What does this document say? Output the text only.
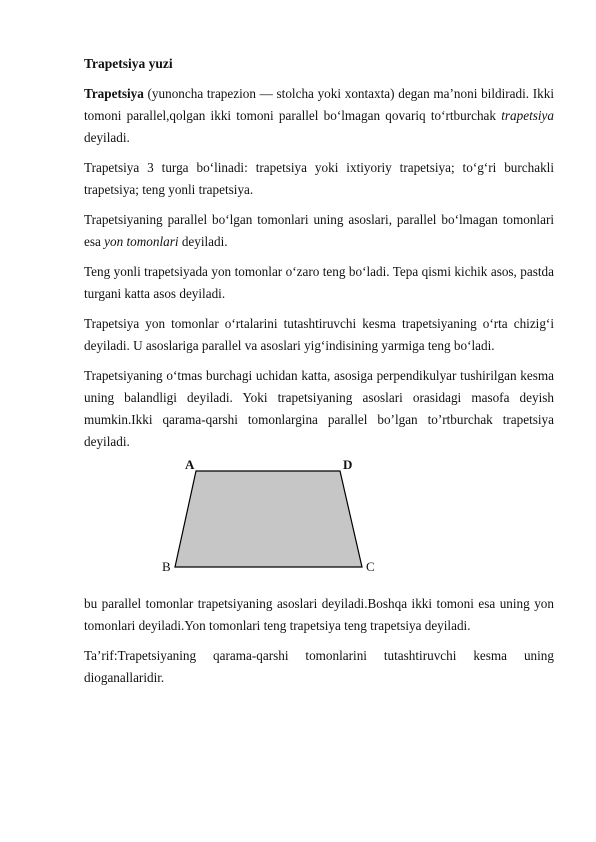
Trapetsiya yuzi

Trapetsiya (yunoncha trapezion — stolcha yoki xontaxta) degan ma’noni bildiradi. Ikki tomoni parallel,qolgan ikki tomoni parallel bo‘lmagan qovariq to‘rtburchak trapetsiya deyiladi.

Trapetsiya 3 turga bo‘linadi: trapetsiya yoki ixtiyoriy trapetsiya; to‘g‘ri burchakli trapetsiya; teng yonli trapetsiya.

Trapetsiyaning parallel bo‘lgan tomonlari uning asoslari, parallel bo‘lmagan tomonlari esa yon tomonlari deyiladi.

Teng yonli trapetsiyada yon tomonlar o‘zaro teng bo‘ladi. Tepa qismi kichik asos, pastda turgani katta asos deyiladi.

Trapetsiya yon tomonlar o‘rtalarini tutashtiruvchi kesma trapetsiyaning o‘rta chizig‘i deyiladi. U asoslariga parallel va asoslari yig‘indisining yarmiga teng bo‘ladi.

Trapetsiyaning o‘tmas burchagi uchidan katta, asosiga perpendikulyar tushirilgan kesma uning balandligi deyiladi. Yoki trapetsiyaning asoslari orasidagi masofa deyish mumkin.Ikki qarama-qarshi tomonlargina parallel bo’lgan to’rtburchak trapetsiya deyiladi.

A	D
B	C

bu parallel tomonlar trapetsiyaning asoslari deyiladi.Boshqa ikki tomoni esa uning yon tomonlari deyiladi.Yon tomonlari teng trapetsiya teng trapetsiya deyiladi.

Ta’rif:Trapetsiyaning qarama-qarshi tomonlarini tutashtiruvchi kesma uning dioganallaridir.
